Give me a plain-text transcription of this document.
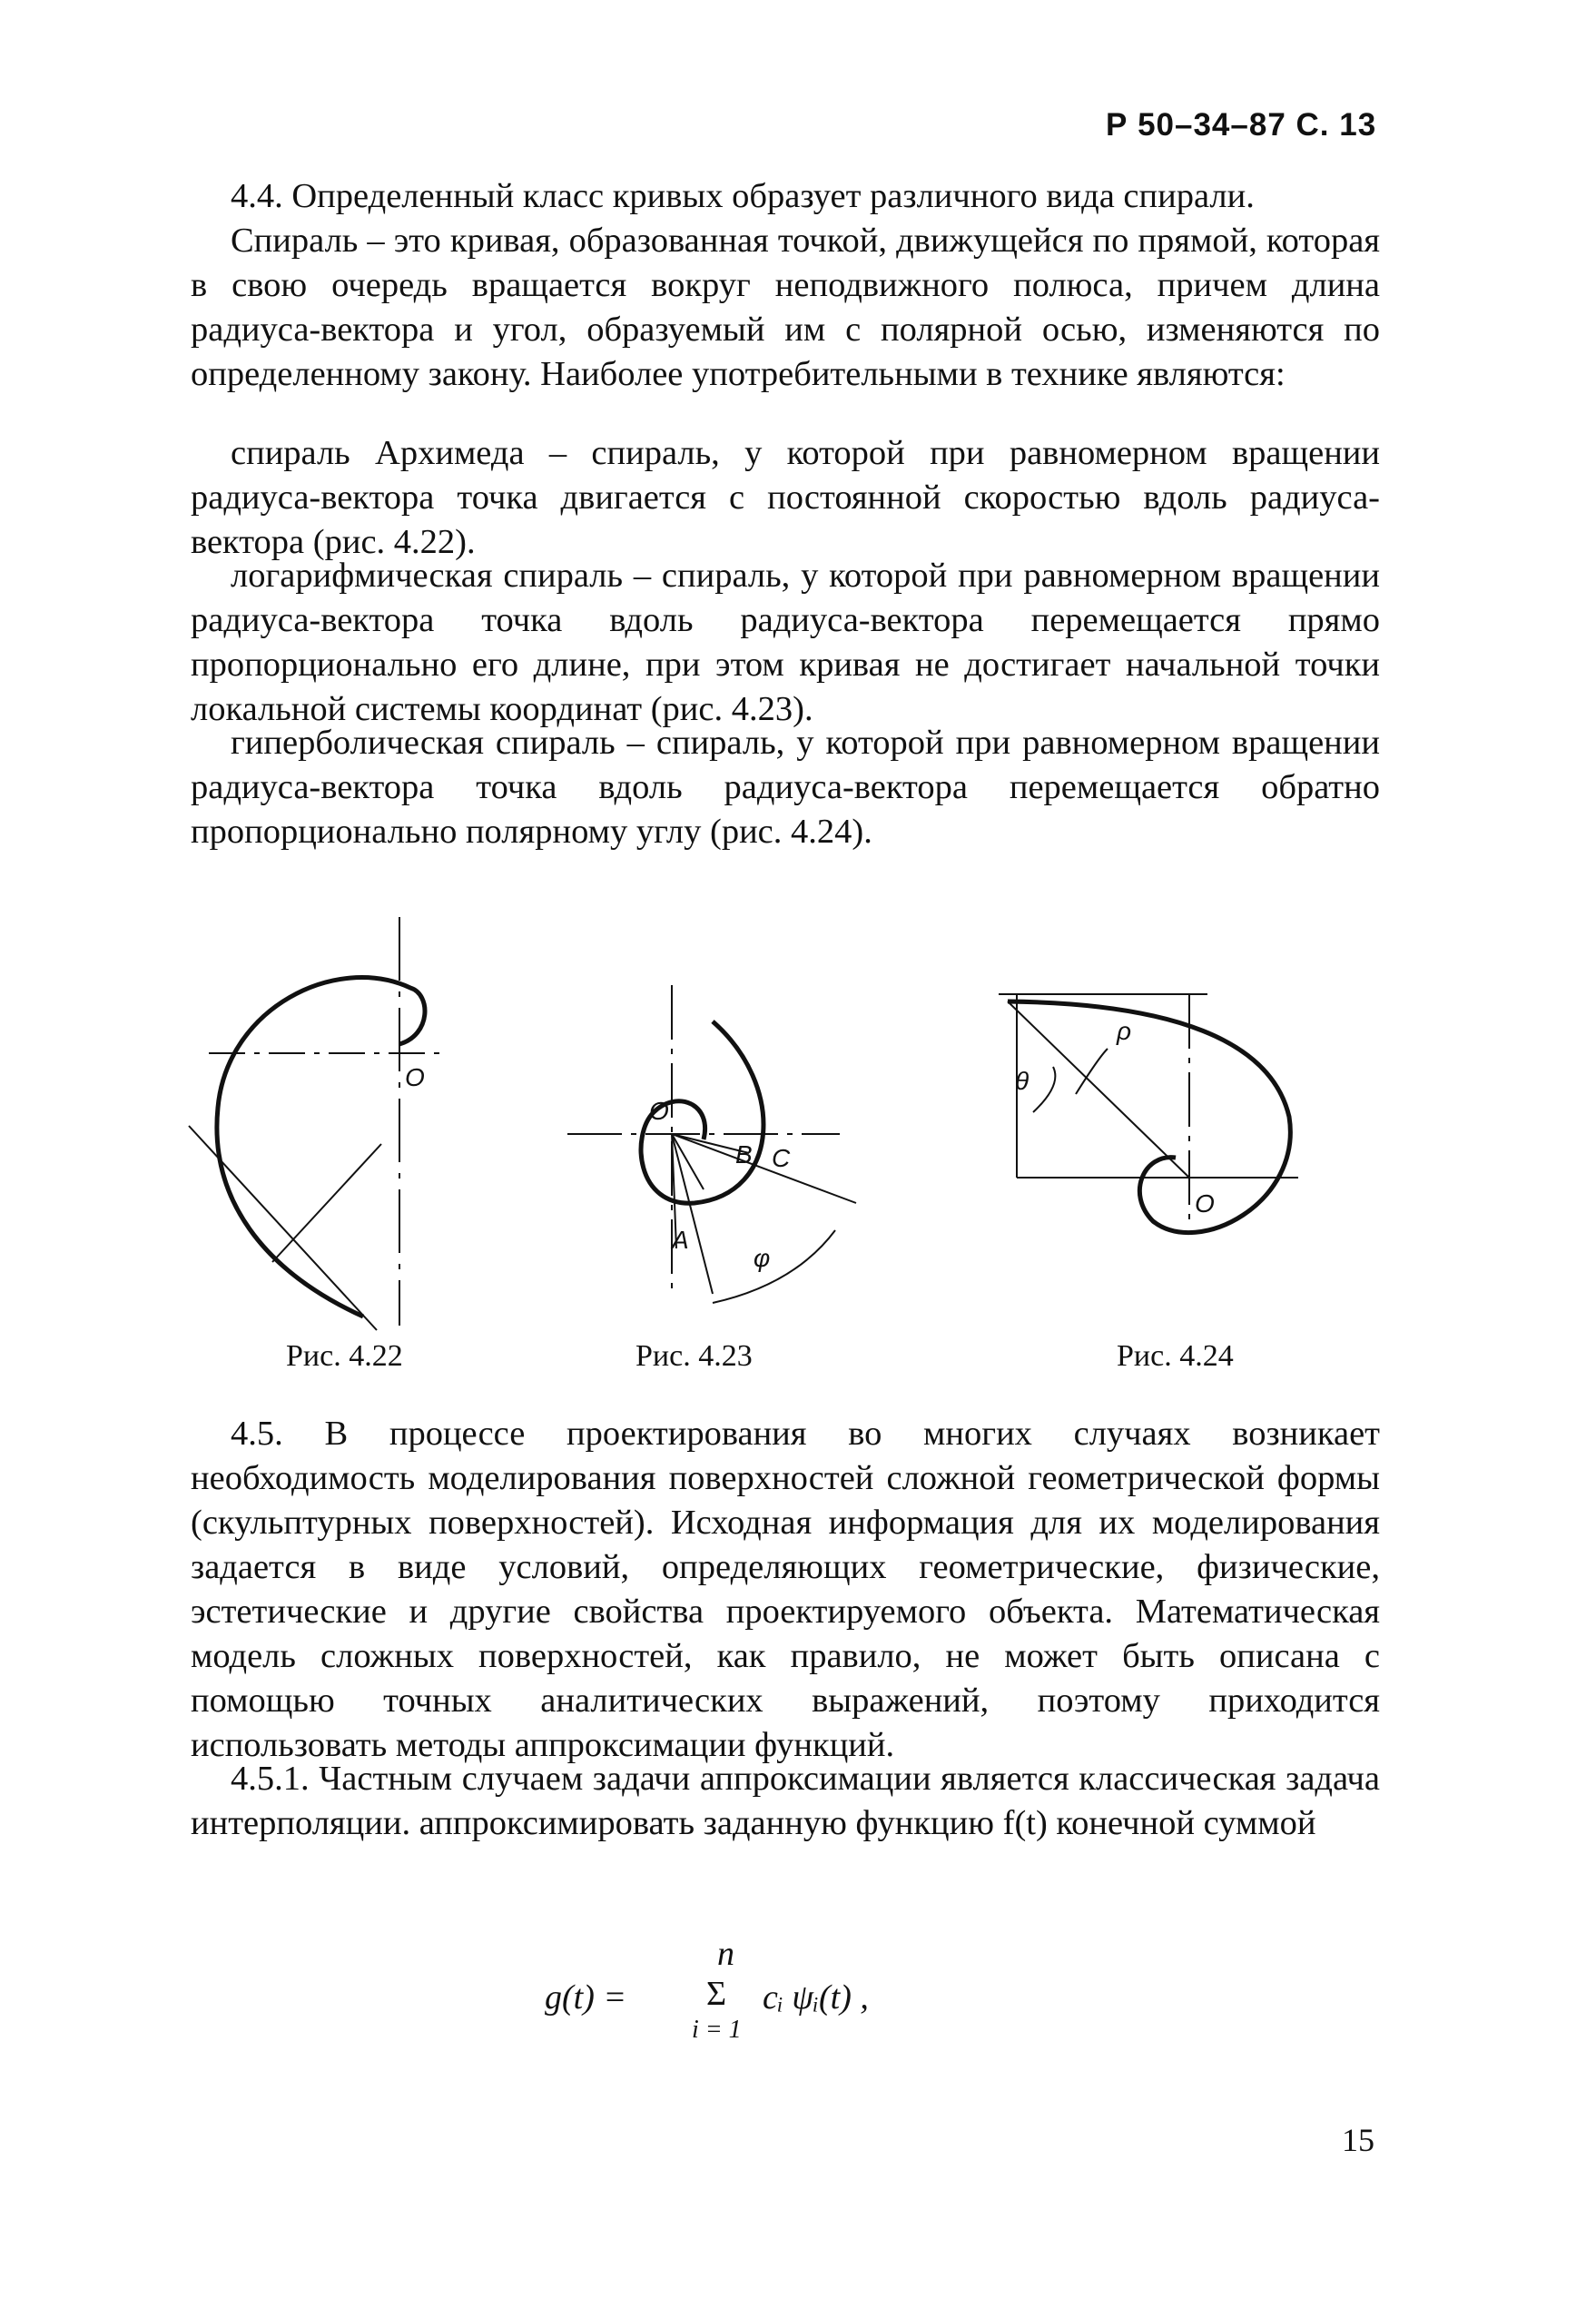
Р 50–34–87 С. 13

4.4. Определенный класс кривых образует различного вида спирали.

Спираль – это кривая, образованная точкой, движущейся по прямой, которая в свою очередь вращается вокруг неподвижного полюса, причем длина радиуса-вектора и угол, образуемый им с полярной осью, изменяются по определенному закону. Наиболее употребительными в технике являются:

спираль Архимеда – спираль, у которой при равномерном вращении радиуса-вектора точка двигается с постоянной скоростью вдоль радиуса-вектора (рис. 4.22).

логарифмическая спираль – спираль, у которой при равномерном вращении радиуса-вектора точка вдоль радиуса-вектора перемещается прямо пропорционально его длине, при этом кривая не достигает начальной точки локальной системы координат (рис. 4.23).

гиперболическая спираль – спираль, у которой при равномерном вращении радиуса-вектора точка вдоль радиуса-вектора перемещается обратно пропорционально полярному углу (рис. 4.24).

O
Рис. 4.22
O
A
B C
φ
Рис. 4.23
θ
ρ
O
Рис. 4.24

4.5. В процессе проектирования во многих случаях возникает необходимость моделирования поверхностей сложной геометрической формы (скульптурных поверхностей). Исходная информация для их моделирования задается в виде условий, определяющих геометрические, физические, эстетические и другие свойства проектируемого объекта. Математическая модель сложных поверхностей, как правило, не может быть описана с помощью точных аналитических выражений, поэтому приходится использовать методы аппроксимации функций.

4.5.1. Частным случаем задачи аппроксимации является классическая задача интерполяции. аппроксимировать заданную функцию f(t) конечной суммой

g(t) =
n
Σ
i = 1
cᵢ ψᵢ(t) ,
15
